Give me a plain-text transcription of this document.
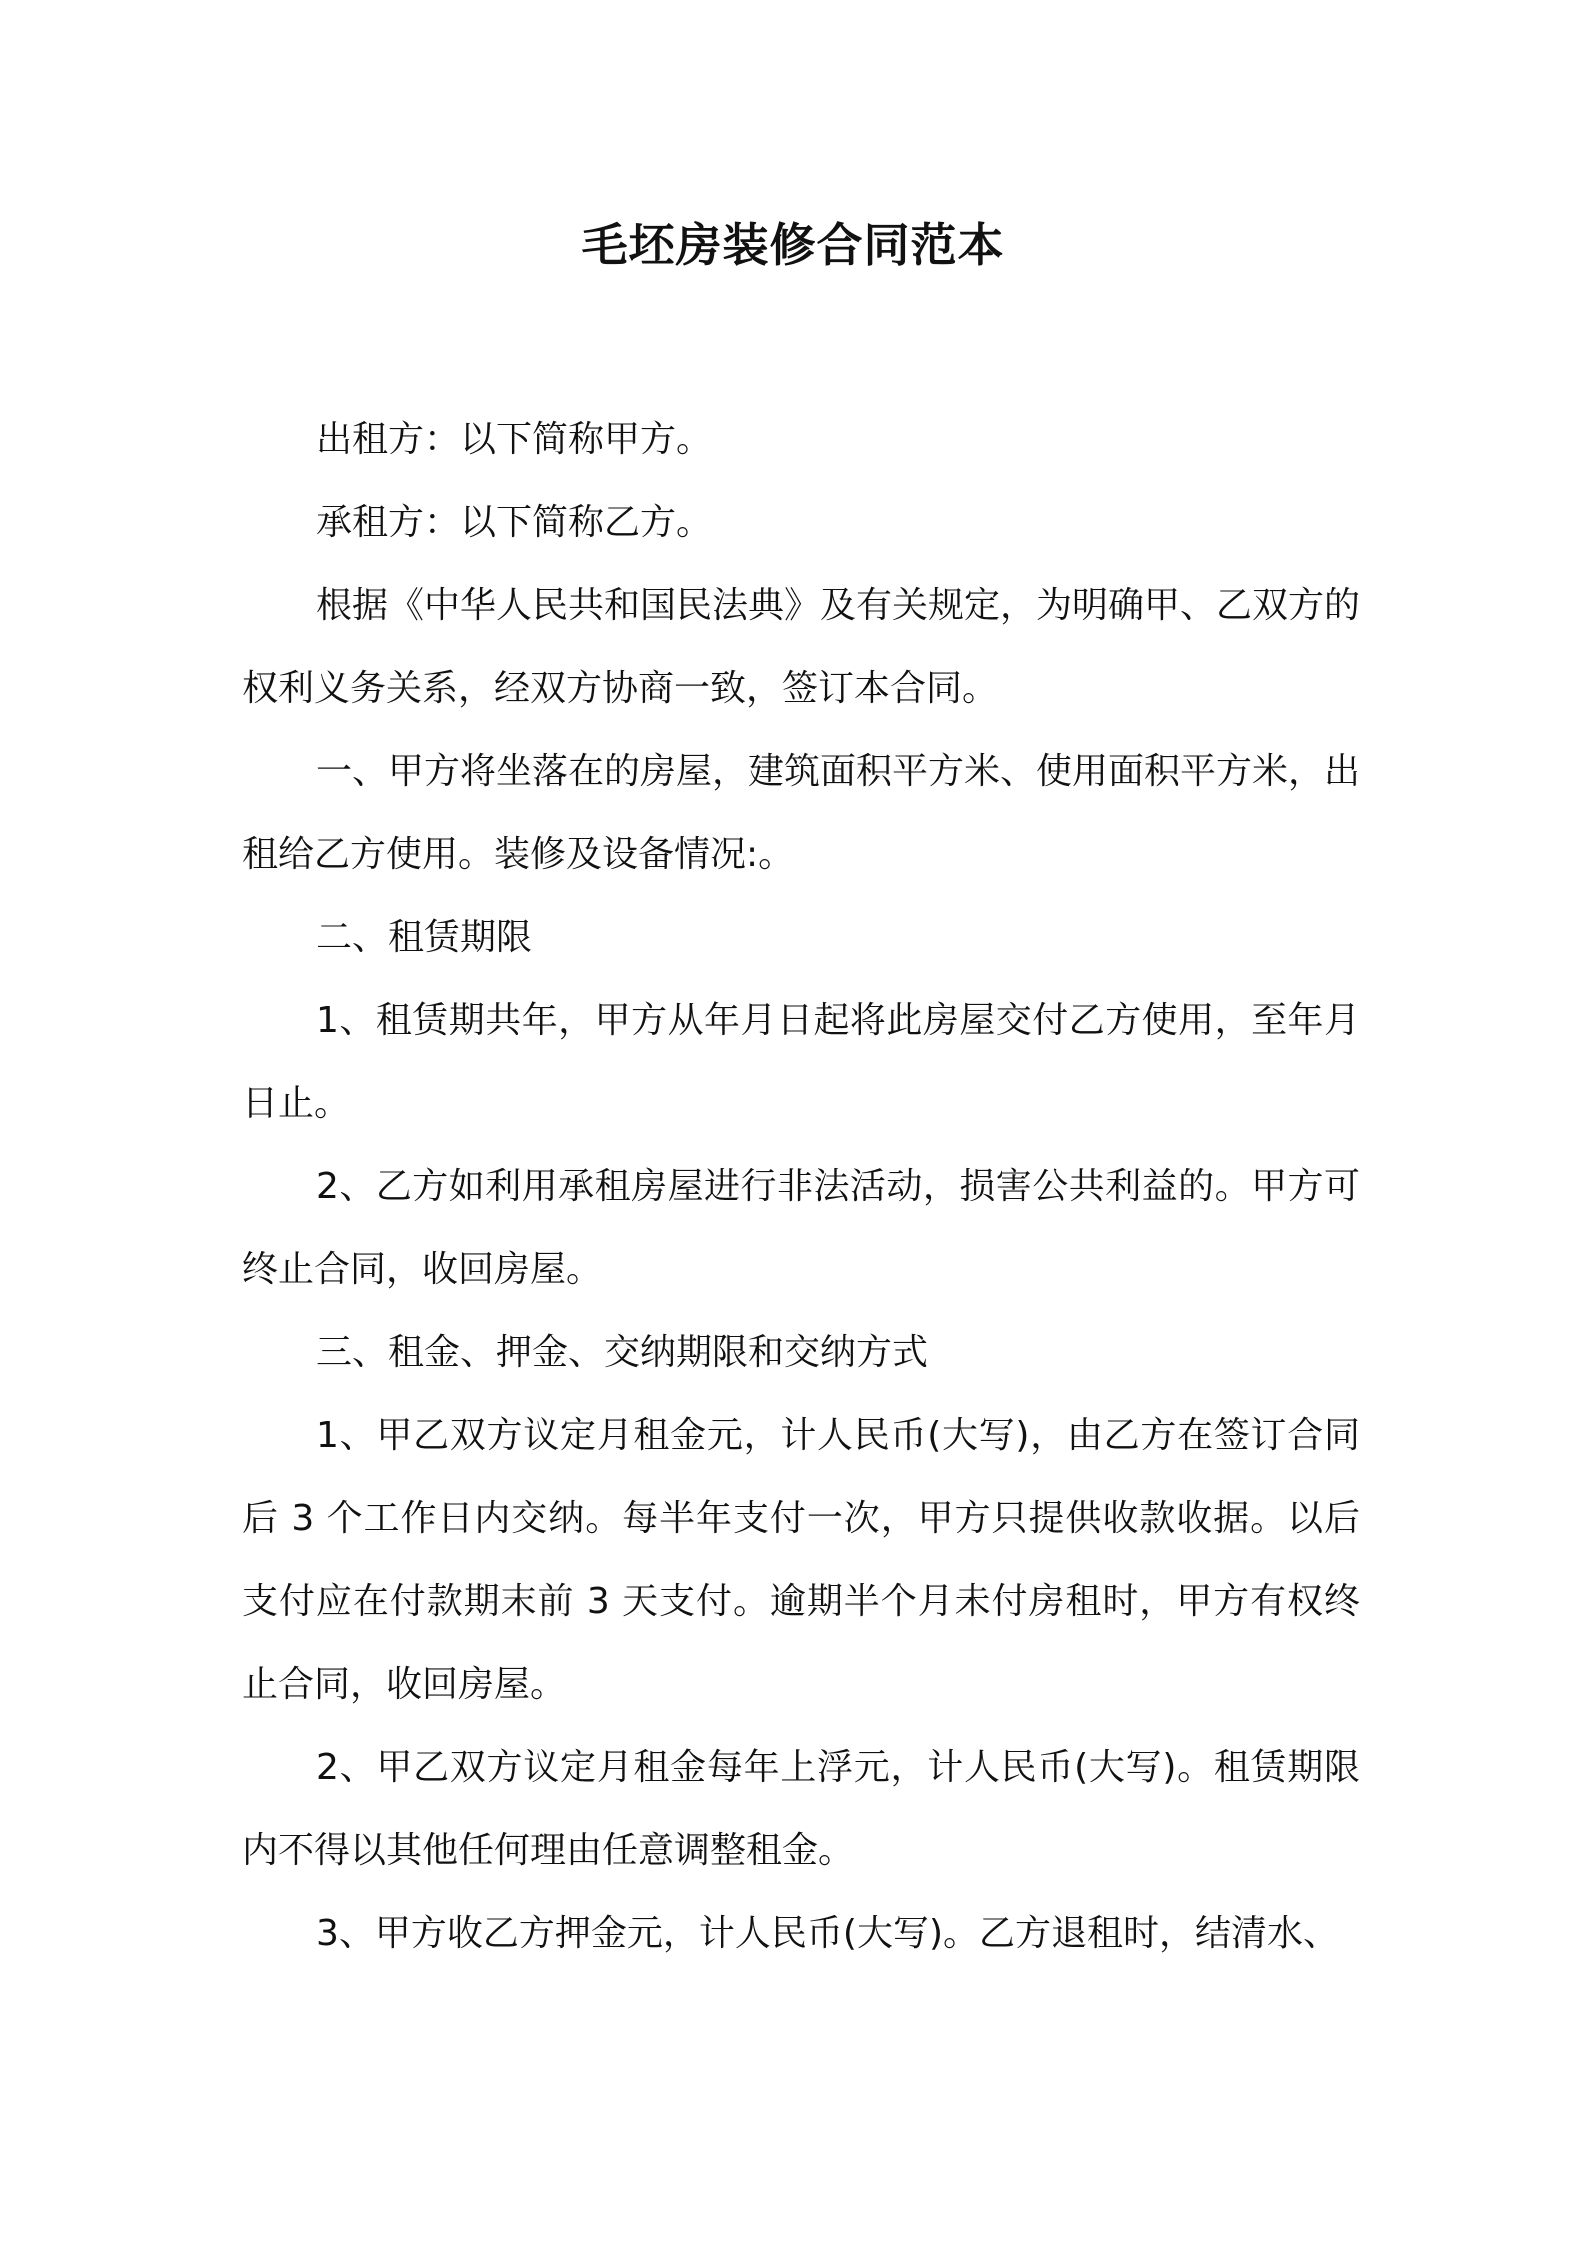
毛坯房装修合同范本

出租方：以下简称甲方。

承租方：以下简称乙方。

根据《中华人民共和国民法典》及有关规定，为明确甲、乙双方的权利义务关系，经双方协商一致，签订本合同。

一、甲方将坐落在的房屋，建筑面积平方米、使用面积平方米，出租给乙方使用。装修及设备情况:。

二、租赁期限

1、租赁期共年，甲方从年月日起将此房屋交付乙方使用，至年月日止。

2、乙方如利用承租房屋进行非法活动，损害公共利益的。甲方可终止合同，收回房屋。

三、租金、押金、交纳期限和交纳方式

1、甲乙双方议定月租金元，计人民币(大写)，由乙方在签订合同后 3 个工作日内交纳。每半年支付一次，甲方只提供收款收据。以后支付应在付款期末前 3 天支付。逾期半个月未付房租时，甲方有权终止合同，收回房屋。

2、甲乙双方议定月租金每年上浮元，计人民币(大写)。租赁期限内不得以其他任何理由任意调整租金。

3、甲方收乙方押金元，计人民币(大写)。乙方退租时，结清水、
